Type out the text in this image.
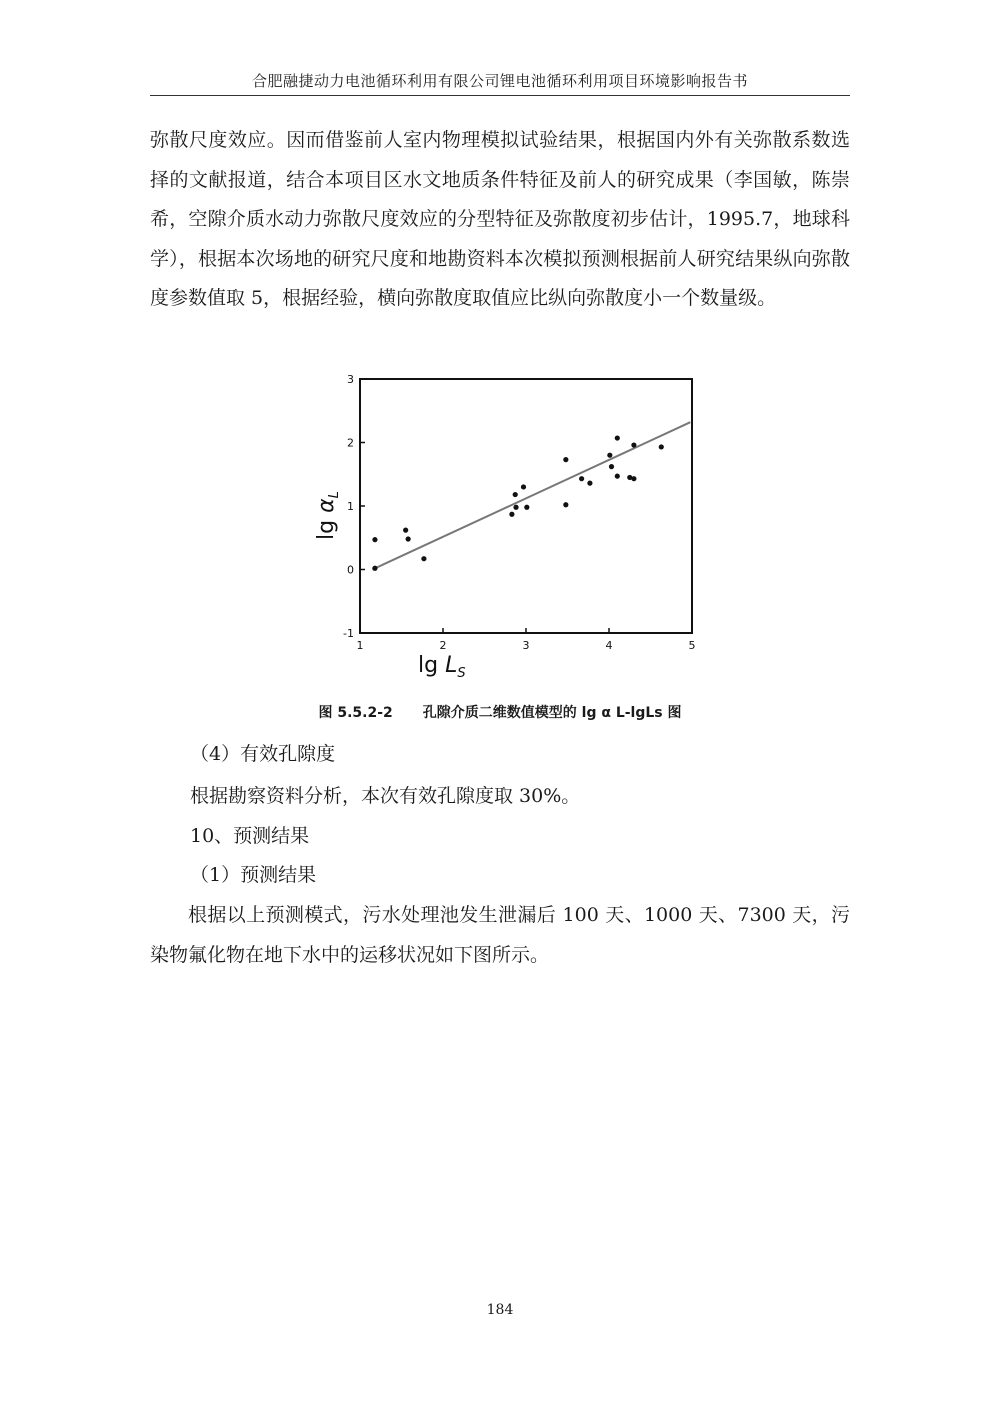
合肥融捷动力电池循环利用有限公司锂电池循环利用项目环境影响报告书

弥散尺度效应。因而借鉴前人室内物理模拟试验结果，根据国内外有关弥散系数选择的文献报道，结合本项目区水文地质条件特征及前人的研究成果（李国敏，陈崇希，空隙介质水动力弥散尺度效应的分型特征及弥散度初步估计，1995.7，地球科学），根据本次场地的研究尺度和地勘资料本次模拟预测根据前人研究结果纵向弥散度参数值取 5，根据经验，横向弥散度取值应比纵向弥散度小一个数量级。

-1
0
1
2
3
1	2	3	4	5
$\lg L_S$
$\lg \alpha_L$
图 5.5.2-2 孔隙介质二维数值模型的 lg α L-lgLs 图

（4）有效孔隙度

根据勘察资料分析，本次有效孔隙度取 30%。

10、预测结果

（1）预测结果

根据以上预测模式，污水处理池发生泄漏后 100 天、1000 天、7300 天，污染物氟化物在地下水中的运移状况如下图所示。

184
